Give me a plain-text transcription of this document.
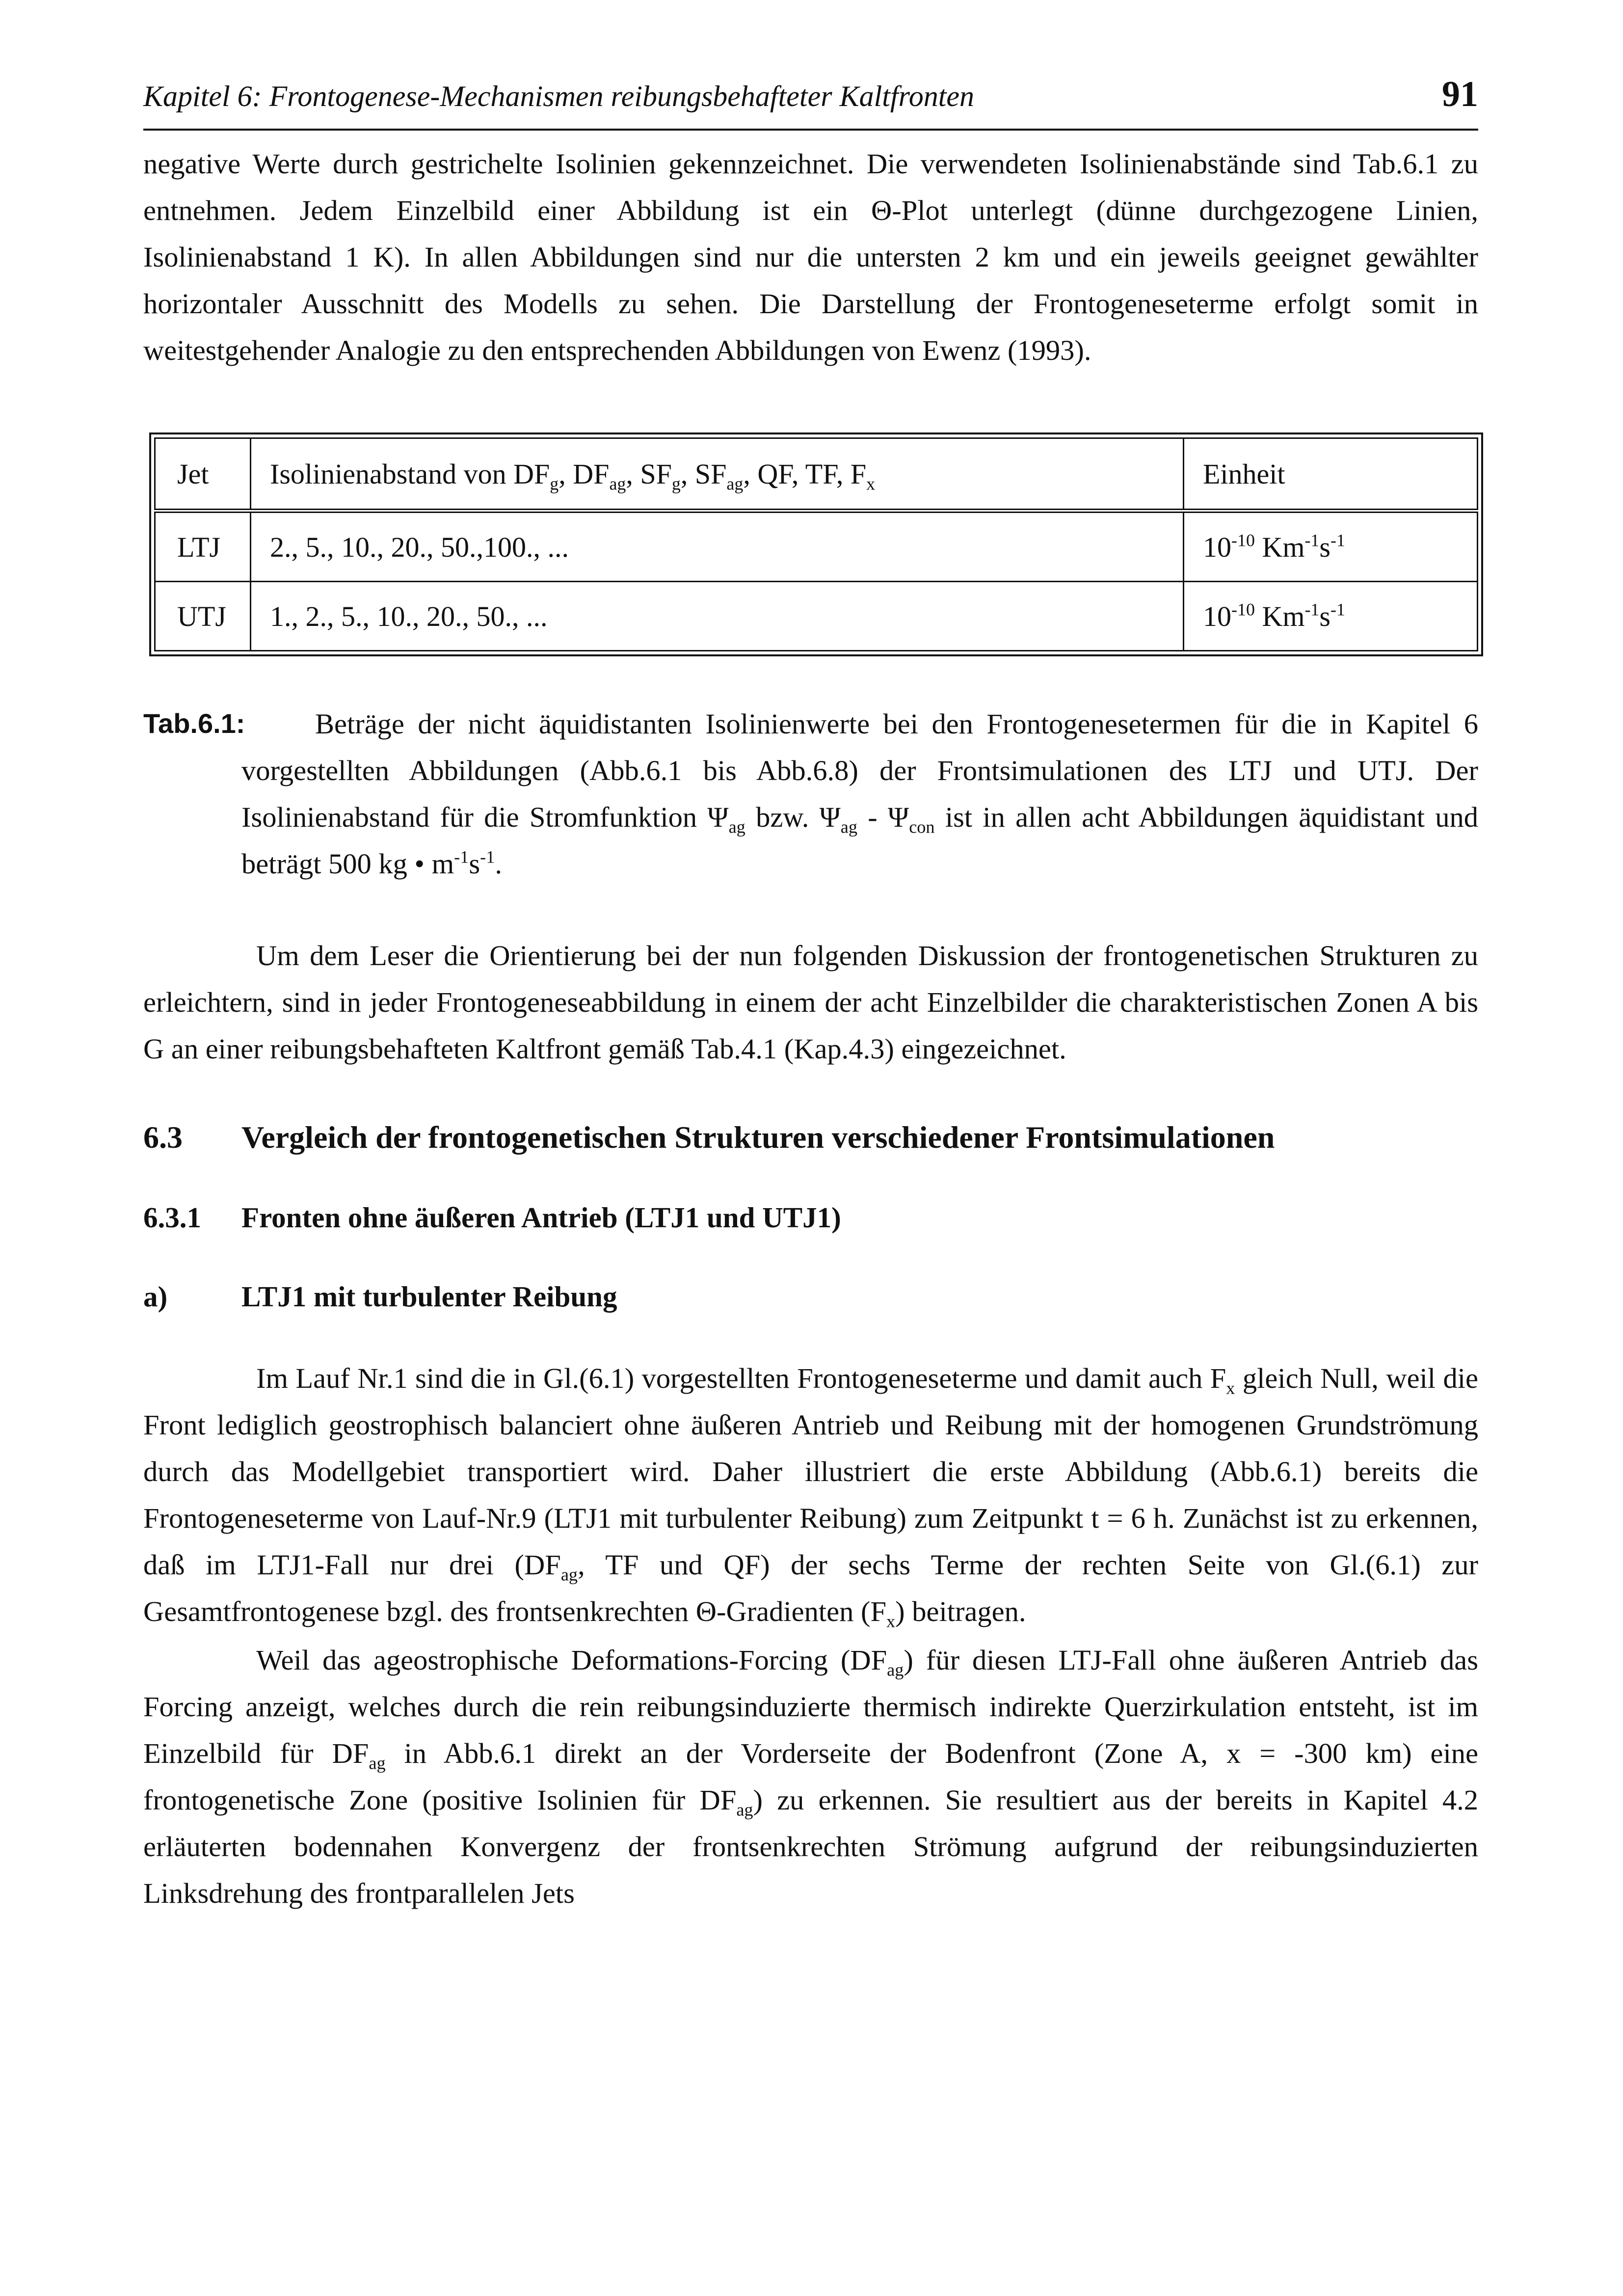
Kapitel 6: Frontogenese-Mechanismen reibungsbehafteter Kaltfronten	91

negative Werte durch gestrichelte Isolinien gekennzeichnet. Die verwendeten Isolinienabstände sind Tab.6.1 zu entnehmen. Jedem Einzelbild einer Abbildung ist ein Θ-Plot unterlegt (dünne durchgezogene Linien, Isolinienabstand 1 K). In allen Abbildungen sind nur die untersten 2 km und ein jeweils geeignet gewählter horizontaler Ausschnitt des Modells zu sehen. Die Darstellung der Frontogeneseterme erfolgt somit in weitestgehender Analogie zu den entsprechenden Abbildungen von Ewenz (1993).

Jet	Isolinienabstand von $DF_g$, $DF_{ag}$, $SF_g$, $SF_{ag}$, QF, TF, $F_x$	Einheit
LTJ	2., 5., 10., 20., 50.,100., ...	$10^{-10}$ $Km^{-1}s^{-1}$
UTJ	1., 2., 5., 10., 20., 50., ...	$10^{-10}$ $Km^{-1}s^{-1}$
Tab.6.1:	Beträge der nicht äquidistanten Isolinienwerte bei den Frontogenesetermen für die in Kapitel 6 vorgestellten Abbildungen (Abb.6.1 bis Abb.6.8) der Frontsimulationen des LTJ und UTJ. Der Isolinienabstand für die Stromfunktion $\Psi_{ag}$ bzw. $\Psi_{ag} - \Psi_{con}$ ist in allen acht Abbildungen äquidistant und beträgt 500 kg • $m^{-1}s^{-1}$.

Um dem Leser die Orientierung bei der nun folgenden Diskussion der frontogenetischen Strukturen zu erleichtern, sind in jeder Frontogeneseabbildung in einem der acht Einzelbilder die charakteristischen Zonen A bis G an einer reibungsbehafteten Kaltfront gemäß Tab.4.1 (Kap.4.3) eingezeichnet.

6.3 Vergleich der frontogenetischen Strukturen verschiedener Frontsimulationen

6.3.1 Fronten ohne äußeren Antrieb (LTJ1 und UTJ1)

a)	LTJ1 mit turbulenter Reibung

Im Lauf Nr.1 sind die in Gl.(6.1) vorgestellten Frontogeneseterme und damit auch $F_x$ gleich Null, weil die Front lediglich geostrophisch balanciert ohne äußeren Antrieb und Reibung mit der homogenen Grundströmung durch das Modellgebiet transportiert wird. Daher illustriert die erste Abbildung (Abb.6.1) bereits die Frontogeneseterme von Lauf-Nr.9 (LTJ1 mit turbulenter Reibung) zum Zeitpunkt t = 6 h. Zunächst ist zu erkennen, daß im LTJ1-Fall nur drei ($DF_{ag}$, TF und QF) der sechs Terme der rechten Seite von Gl.(6.1) zur Gesamtfrontogenese bzgl. des frontsenkrechten Θ-Gradienten $(F_x)$ beitragen.

Weil das ageostrophische Deformations-Forcing $(DF_{ag})$ für diesen LTJ-Fall ohne äußeren Antrieb das Forcing anzeigt, welches durch die rein reibungsinduzierte thermisch indirekte Querzirkulation entsteht, ist im Einzelbild für $DF_{ag}$ in Abb.6.1 direkt an der Vorderseite der Bodenfront (Zone A, x = -300 km) eine frontogenetische Zone (positive Isolinien für $DF_{ag}$) zu erkennen. Sie resultiert aus der bereits in Kapitel 4.2 erläuterten bodennahen Konvergenz der frontsenkrechten Strömung aufgrund der reibungsinduzierten Linksdrehung des frontparallelen Jets
